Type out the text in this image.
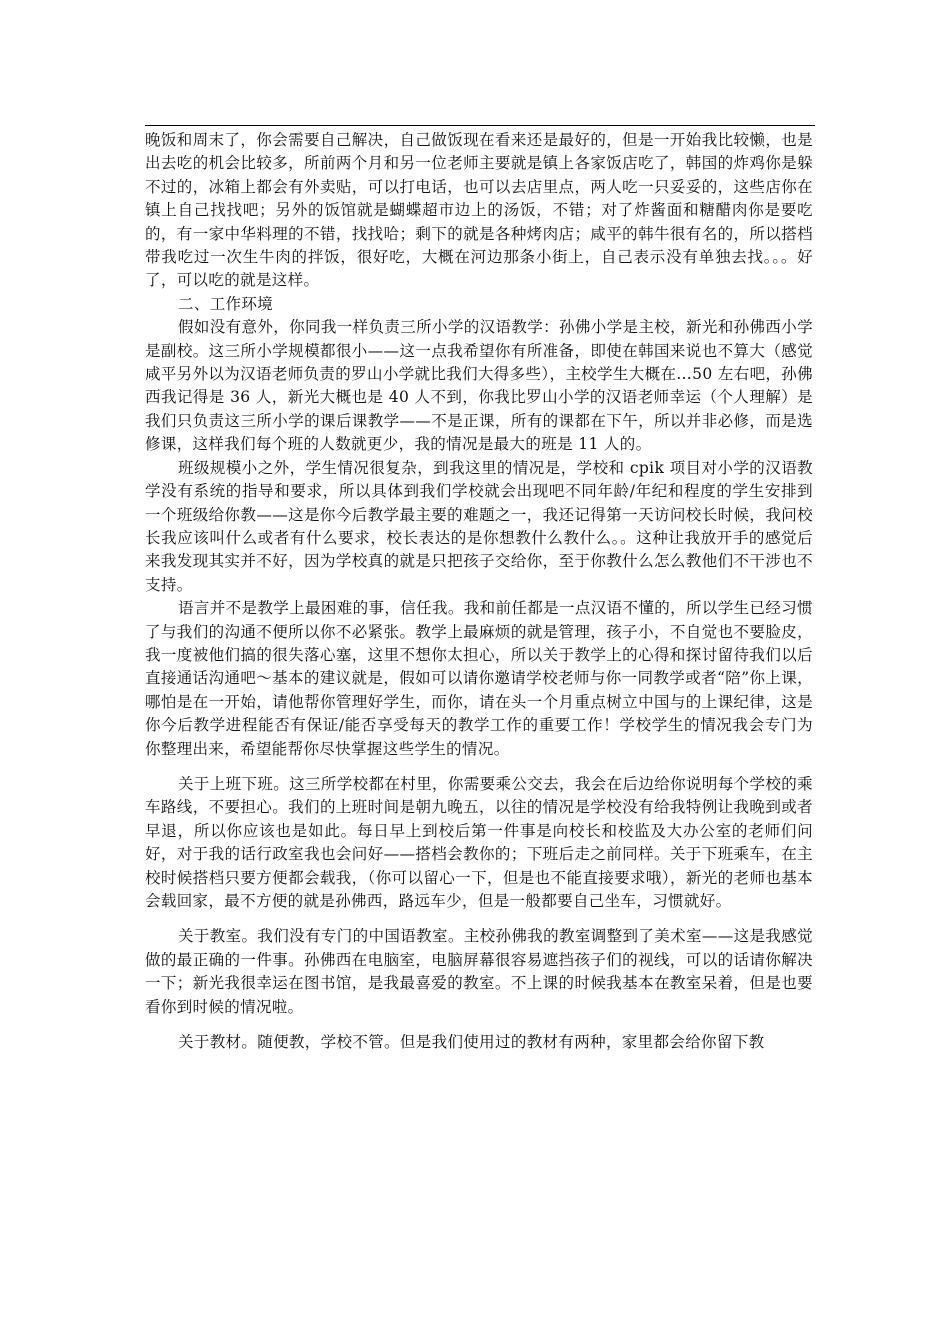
晚饭和周末了，你会需要自己解决，自己做饭现在看来还是最好的，但是一开始我比较懒，也是出去吃的机会比较多，所前两个月和另一位老师主要就是镇上各家饭店吃了，韩国的炸鸡你是躲不过的，冰箱上都会有外卖贴，可以打电话，也可以去店里点，两人吃一只妥妥的，这些店你在镇上自己找找吧；另外的饭馆就是蝴蝶超市边上的汤饭，不错；对了炸酱面和糖醋肉你是要吃的，有一家中华料理的不错，找找哈；剩下的就是各种烤肉店；咸平的韩牛很有名的，所以搭档带我吃过一次生牛肉的拌饭，很好吃，大概在河边那条小街上，自己表示没有单独去找。。。好了，可以吃的就是这样。

二、工作环境

假如没有意外，你同我一样负责三所小学的汉语教学：孙佛小学是主校，新光和孙佛西小学是副校。这三所小学规模都很小——这一点我希望你有所准备，即使在韩国来说也不算大（感觉咸平另外以为汉语老师负责的罗山小学就比我们大得多些），主校学生大概在…50 左右吧，孙佛西我记得是 36 人，新光大概也是 40 人不到，你我比罗山小学的汉语老师幸运（个人理解）是我们只负责这三所小学的课后课教学——不是正课，所有的课都在下午，所以并非必修，而是选修课，这样我们每个班的人数就更少，我的情况是最大的班是 11 人的。

班级规模小之外，学生情况很复杂，到我这里的情况是，学校和 cpik 项目对小学的汉语教学没有系统的指导和要求，所以具体到我们学校就会出现吧不同年龄/年纪和程度的学生安排到一个班级给你教——这是你今后教学最主要的难题之一，我还记得第一天访问校长时候，我问校长我应该叫什么或者有什么要求，校长表达的是你想教什么教什么。。这种让我放开手的感觉后来我发现其实并不好，因为学校真的就是只把孩子交给你，至于你教什么怎么教他们不干涉也不支持。

语言并不是教学上最困难的事，信任我。我和前任都是一点汉语不懂的，所以学生已经习惯了与我们的沟通不便所以你不必紧张。教学上最麻烦的就是管理，孩子小，不自觉也不要脸皮，我一度被他们搞的很失落心塞，这里不想你太担心，所以关于教学上的心得和探讨留待我们以后直接通话沟通吧～基本的建议就是，假如可以请你邀请学校老师与你一同教学或者“陪”你上课，哪怕是在一开始，请他帮你管理好学生，而你，请在头一个月重点树立中国与的上课纪律，这是你今后教学进程能否有保证/能否享受每天的教学工作的重要工作！学校学生的情况我会专门为你整理出来，希望能帮你尽快掌握这些学生的情况。

关于上班下班。这三所学校都在村里，你需要乘公交去，我会在后边给你说明每个学校的乘车路线，不要担心。我们的上班时间是朝九晚五，以往的情况是学校没有给我特例让我晚到或者早退，所以你应该也是如此。每日早上到校后第一件事是向校长和校监及大办公室的老师们问好，对于我的话行政室我也会问好——搭档会教你的；下班后走之前同样。关于下班乘车，在主校时候搭档只要方便都会载我，（你可以留心一下，但是也不能直接要求哦），新光的老师也基本会载回家，最不方便的就是孙佛西，路远车少，但是一般都要自己坐车，习惯就好。

关于教室。我们没有专门的中国语教室。主校孙佛我的教室调整到了美术室——这是我感觉做的最正确的一件事。孙佛西在电脑室，电脑屏幕很容易遮挡孩子们的视线，可以的话请你解决一下；新光我很幸运在图书馆，是我最喜爱的教室。不上课的时候我基本在教室呆着，但是也要看你到时候的情况啦。

关于教材。随便教，学校不管。但是我们使用过的教材有两种，家里都会给你留下教
